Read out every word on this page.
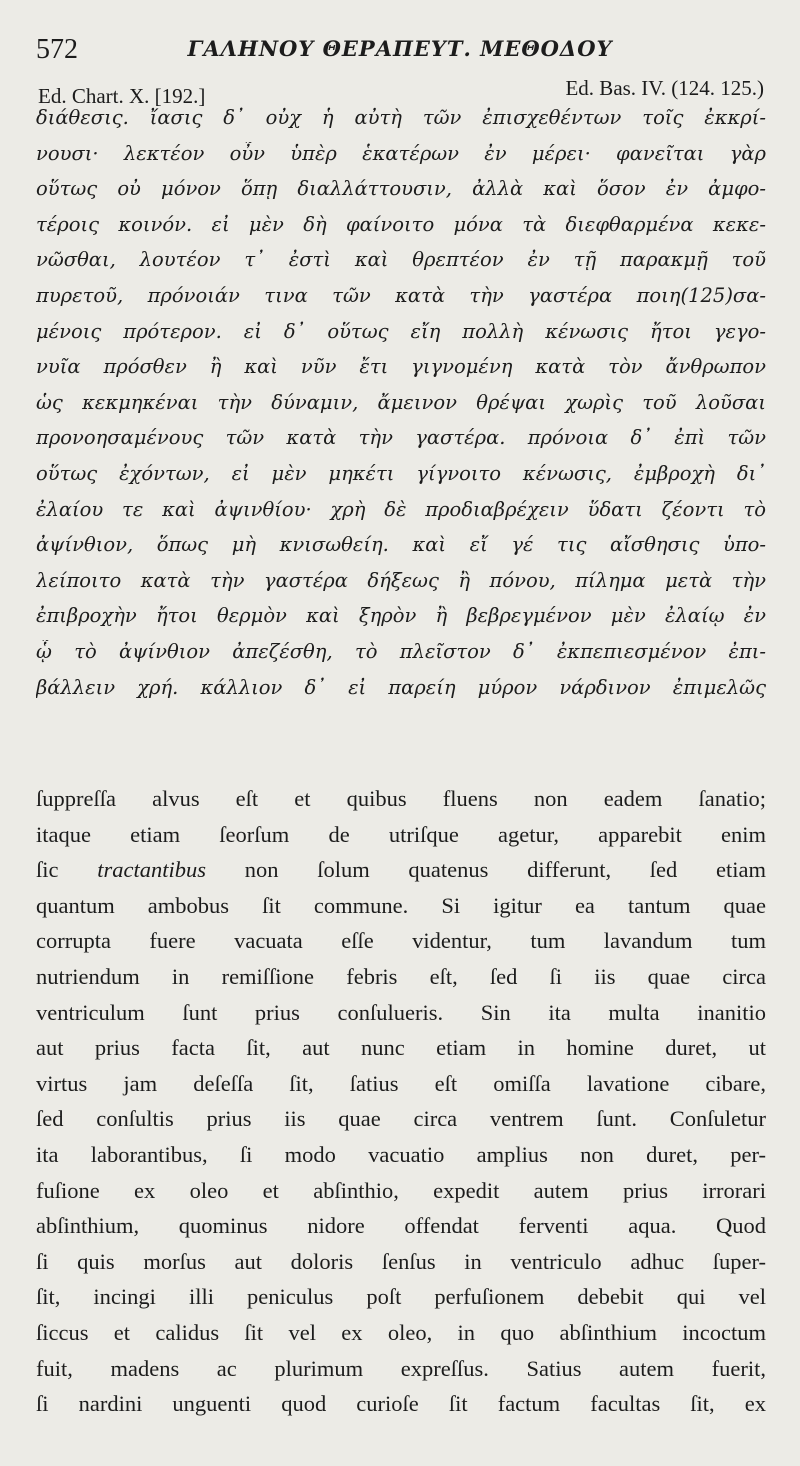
572	ΓΑΛΗΝΟΥ ΘΕΡΑΠΕΥΤ. ΜΕΘΟΔΟΥ
Ed. Chart. X. [192.]	Ed. Bas. IV. (124. 125.)
διάθεσις. ἴασις δ᾽ οὐχ ἡ αὐτὴ τῶν ἐπισχεθέντων τοῖς ἐκκρί-
νουσι· λεκτέον οὖν ὑπὲρ ἑκατέρων ἐν μέρει· φανεῖται γὰρ
οὕτως οὐ μόνον ὅπῃ διαλλάττουσιν, ἀλλὰ καὶ ὅσον ἐν ἀμφο-
τέροις κοινόν. εἰ μὲν δὴ φαίνοιτο μόνα τὰ διεφθαρμένα κεκε-
νῶσθαι, λουτέον τ᾽ ἐστὶ καὶ θρεπτέον ἐν τῇ παρακμῇ τοῦ
πυρετοῦ, πρόνοιάν τινα τῶν κατὰ τὴν γαστέρα ποιη(125)σα-
μένοις πρότερον. εἰ δ᾽ οὕτως εἴη πολλὴ κένωσις ἤτοι γεγο-
νυῖα πρόσθεν ἢ καὶ νῦν ἔτι γιγνομένη κατὰ τὸν ἄνθρωπον
ὡς κεκμηκέναι τὴν δύναμιν, ἄμεινον θρέψαι χωρὶς τοῦ λοῦσαι
προνοησαμένους τῶν κατὰ τὴν γαστέρα. πρόνοια δ᾽ ἐπὶ τῶν
οὕτως ἐχόντων, εἰ μὲν μηκέτι γίγνοιτο κένωσις, ἐμβροχὴ δι᾽
ἐλαίου τε καὶ ἀψινθίου· χρὴ δὲ προδιαβρέχειν ὕδατι ζέοντι τὸ
ἀψίνθιον, ὅπως μὴ κνισωθείη. καὶ εἴ γέ τις αἴσθησις ὑπο-
λείποιτο κατὰ τὴν γαστέρα δήξεως ἢ πόνου, πίλημα μετὰ τὴν
ἐπιβροχὴν ἤτοι θερμὸν καὶ ξηρὸν ἢ βεβρεγμένον μὲν ἐλαίῳ ἐν
ᾧ τὸ ἀψίνθιον ἀπεζέσθη, τὸ πλεῖστον δ᾽ ἐκπεπιεσμένον ἐπι-
βάλλειν χρή. κάλλιον δ᾽ εἰ παρείη μύρον νάρδινον ἐπιμελῶς
ſuppreſſa alvus eſt et quibus fluens non eadem ſanatio;
itaque etiam ſeorſum de utriſque agetur, apparebit enim
ſic tractantibus non ſolum quatenus differunt, ſed etiam
quantum ambobus ſit commune. Si igitur ea tantum quae
corrupta fuere vacuata eſſe videntur, tum lavandum tum
nutriendum in remiſſione febris eſt, ſed ſi iis quae circa
ventriculum ſunt prius conſulueris. Sin ita multa inanitio
aut prius facta ſit, aut nunc etiam in homine duret, ut
virtus jam deſeſſa ſit, ſatius eſt omiſſa lavatione cibare,
ſed conſultis prius iis quae circa ventrem ſunt. Conſuletur
ita laborantibus, ſi modo vacuatio amplius non duret, per-
fuſione ex oleo et abſinthio, expedit autem prius irrorari
abſinthium, quominus nidore offendat ferventi aqua. Quod
ſi quis morſus aut doloris ſenſus in ventriculo adhuc ſuper-
ſit, incingi illi peniculus poſt perfuſionem debebit qui vel
ſiccus et calidus ſit vel ex oleo, in quo abſinthium incoctum
fuit, madens ac plurimum expreſſus. Satius autem fuerit,
ſi nardini unguenti quod curioſe ſit factum facultas ſit, ex
